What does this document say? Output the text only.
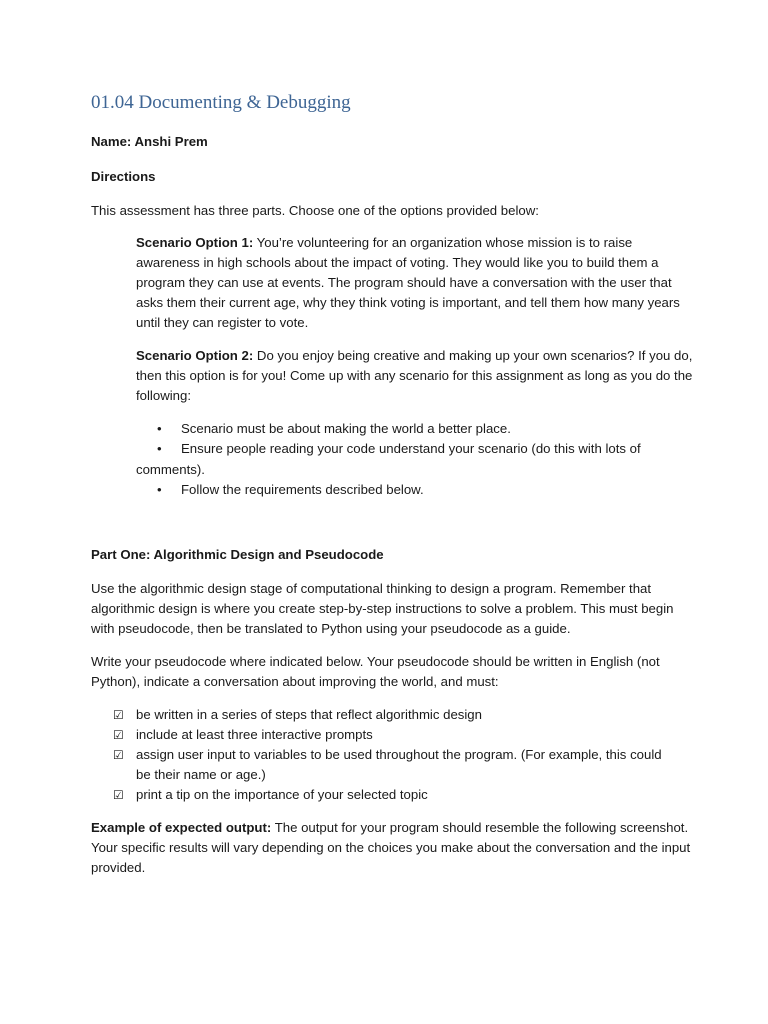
01.04 Documenting & Debugging

Name: Anshi Prem

Directions

This assessment has three parts. Choose one of the options provided below:

Scenario Option 1: You’re volunteering for an organization whose mission is to raise awareness in high schools about the impact of voting. They would like you to build them a program they can use at events. The program should have a conversation with the user that asks them their current age, why they think voting is important, and tell them how many years until they can register to vote.

Scenario Option 2: Do you enjoy being creative and making up your own scenarios? If you do, then this option is for you! Come up with any scenario for this assignment as long as you do the following:

• Scenario must be about making the world a better place.
• Ensure people reading your code understand your scenario (do this with lots of
comments).
• Follow the requirements described below.

Part One: Algorithmic Design and Pseudocode

Use the algorithmic design stage of computational thinking to design a program. Remember that algorithmic design is where you create step-by-step instructions to solve a problem. This must begin with pseudocode, then be translated to Python using your pseudocode as a guide.

Write your pseudocode where indicated below. Your pseudocode should be written in English (not Python), indicate a conversation about improving the world, and must:

☑ be written in a series of steps that reflect algorithmic design
☑ include at least three interactive prompts
☑ assign user input to variables to be used throughout the program. (For example, this could be their name or age.)
☑ print a tip on the importance of your selected topic

Example of expected output: The output for your program should resemble the following screenshot. Your specific results will vary depending on the choices you make about the conversation and the input provided.
